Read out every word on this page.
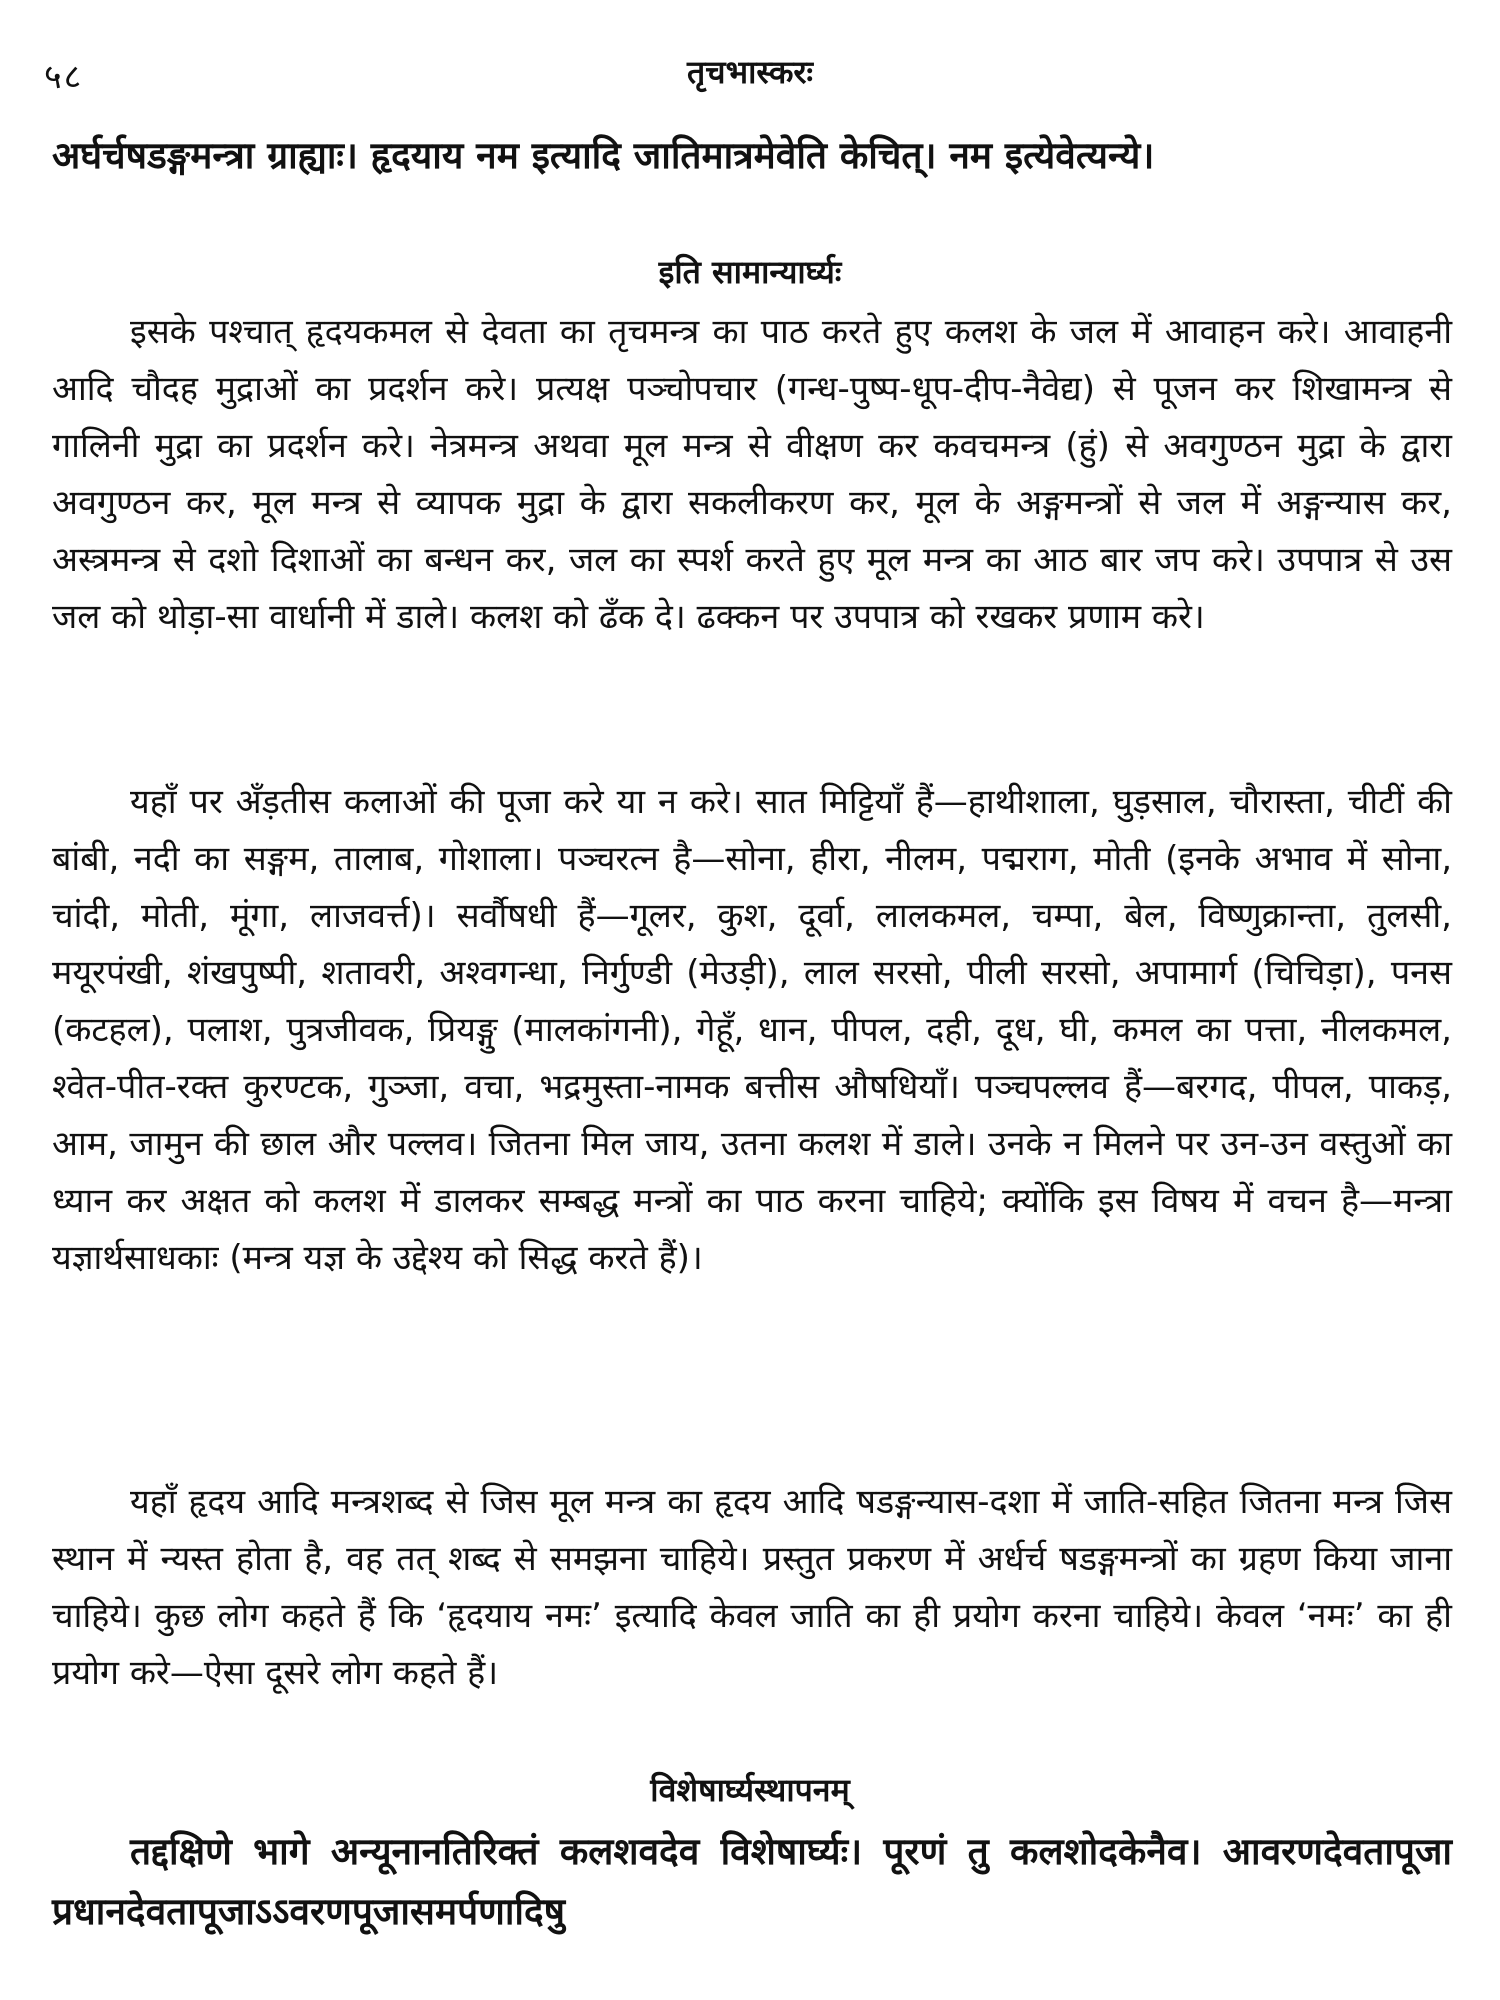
५८	तृचभास्करः

अर्घर्चषडङ्गमन्त्रा ग्राह्याः। हृदयाय नम इत्यादि जातिमात्रमेवेति केचित्। नम इत्येवेत्यन्ये।

इति सामान्यार्घ्यः

इसके पश्चात् हृदयकमल से देवता का तृचमन्त्र का पाठ करते हुए कलश के जल में आवाहन करे। आवाहनी आदि चौदह मुद्राओं का प्रदर्शन करे। प्रत्यक्ष पञ्चोपचार (गन्ध-पुष्प-धूप-दीप-नैवेद्य) से पूजन कर शिखामन्त्र से गालिनी मुद्रा का प्रदर्शन करे। नेत्रमन्त्र अथवा मूल मन्त्र से वीक्षण कर कवचमन्त्र (हुं) से अवगुण्ठन मुद्रा के द्वारा अवगुण्ठन कर, मूल मन्त्र से व्यापक मुद्रा के द्वारा सकलीकरण कर, मूल के अङ्गमन्त्रों से जल में अङ्गन्यास कर, अस्त्रमन्त्र से दशो दिशाओं का बन्धन कर, जल का स्पर्श करते हुए मूल मन्त्र का आठ बार जप करे। उपपात्र से उस जल को थोड़ा-सा वार्धानी में डाले। कलश को ढँक दे। ढक्कन पर उपपात्र को रखकर प्रणाम करे।

यहाँ पर अँड़तीस कलाओं की पूजा करे या न करे। सात मिट्टियाँ हैं—हाथीशाला, घुड़साल, चौरास्ता, चीटीं की बांबी, नदी का सङ्गम, तालाब, गोशाला। पञ्चरत्न है—सोना, हीरा, नीलम, पद्मराग, मोती (इनके अभाव में सोना, चांदी, मोती, मूंगा, लाजवर्त्त)। सर्वौषधी हैं—गूलर, कुश, दूर्वा, लालकमल, चम्पा, बेल, विष्णुक्रान्ता, तुलसी, मयूरपंखी, शंखपुष्पी, शतावरी, अश्वगन्धा, निर्गुण्डी (मेउड़ी), लाल सरसो, पीली सरसो, अपामार्ग (चिचिड़ा), पनस (कटहल), पलाश, पुत्रजीवक, प्रियङ्गु (मालकांगनी), गेहूँ, धान, पीपल, दही, दूध, घी, कमल का पत्ता, नीलकमल, श्वेत-पीत-रक्त कुरण्टक, गुञ्जा, वचा, भद्रमुस्ता-नामक बत्तीस औषधियाँ। पञ्चपल्लव हैं—बरगद, पीपल, पाकड़, आम, जामुन की छाल और पल्लव। जितना मिल जाय, उतना कलश में डाले। उनके न मिलने पर उन-उन वस्तुओं का ध्यान कर अक्षत को कलश में डालकर सम्बद्ध मन्त्रों का पाठ करना चाहिये; क्योंकि इस विषय में वचन है—मन्त्रा यज्ञार्थसाधकाः (मन्त्र यज्ञ के उद्देश्य को सिद्ध करते हैं)।

यहाँ हृदय आदि मन्त्रशब्द से जिस मूल मन्त्र का हृदय आदि षडङ्गन्यास-दशा में जाति-सहित जितना मन्त्र जिस स्थान में न्यस्त होता है, वह तत् शब्द से समझना चाहिये। प्रस्तुत प्रकरण में अर्धर्च षडङ्गमन्त्रों का ग्रहण किया जाना चाहिये। कुछ लोग कहते हैं कि ‘हृदयाय नमः’ इत्यादि केवल जाति का ही प्रयोग करना चाहिये। केवल ‘नमः’ का ही प्रयोग करे—ऐसा दूसरे लोग कहते हैं।

विशेषार्घ्यस्थापनम्

तद्दक्षिणे भागे अन्यूनानतिरिक्तं कलशवदेव विशेषार्घ्यः। पूरणं तु कलशोदकेनैव। आवरणदेवतापूजा प्रधानदेवतापूजाऽऽवरणपूजासमर्पणादिषु
